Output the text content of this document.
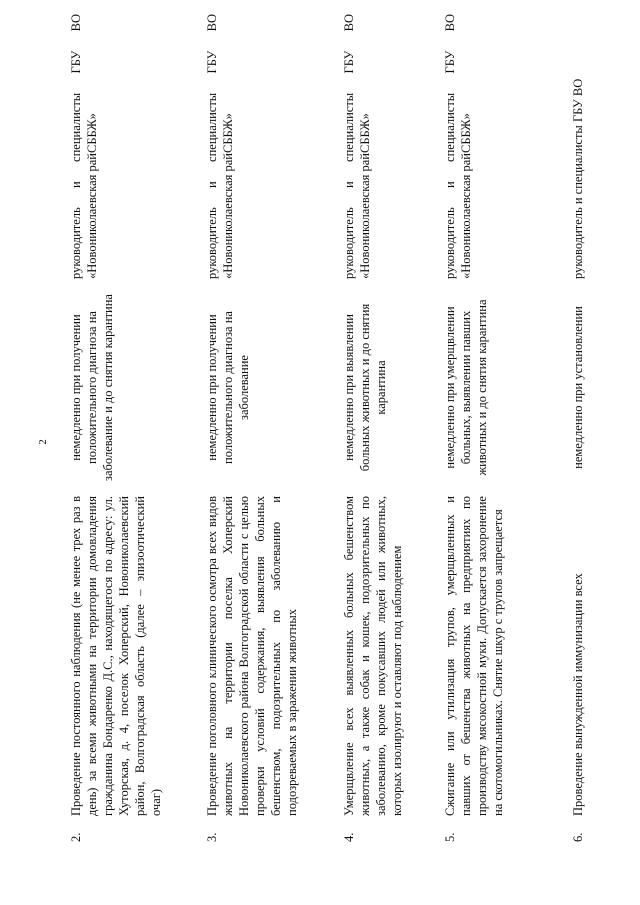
2
2.
Проведение постоянного наблюдения (не менее трех раз в день) за всеми животными на территории домовладения гражданина Бондаренко Д.С., находящегося по адресу: ул. Хуторская, д. 4, поселок Хоперский, Новониколаевский район, Волгоградская область (далее – эпизоотический очаг)
немедленно при получении положительного диагноза на заболевание и до снятия карантина
руководитель и специалисты ГБУ ВО «Новониколаевская райСББЖ»
3.
Проведение поголовного клинического осмотра всех видов животных на территории поселка Хоперский Новониколаевского района Волгоградской области с целью проверки условий содержания, выявления больных бешенством, подозрительных по заболеванию и подозреваемых в заражении животных
немедленно при получении положительного диагноза на заболевание
руководитель и специалисты ГБУ ВО «Новониколаевская райСББЖ»
4.
Умерщвление всех выявленных больных бешенством животных, а также собак и кошек, подозрительных по заболеванию, кроме покусавших людей или животных, которых изолируют и оставляют под наблюдением
немедленно при выявлении больных животных и до снятия карантина
руководитель и специалисты ГБУ ВО «Новониколаевская райСББЖ»
5.
Сжигание или утилизация трупов, умерщвленных и павших от бешенства животных на предприятиях по производству мясокостной муки. Допускается захоронение на скотомогильниках. Снятие шкур с трупов запрещается
немедленно при умерщвлении больных, выявлении павших животных и до снятия карантина
руководитель и специалисты ГБУ ВО «Новониколаевская райСББЖ»
6.
Проведение вынужденной иммунизации всех
немедленно при установлении
руководитель и специалисты ГБУ ВО
